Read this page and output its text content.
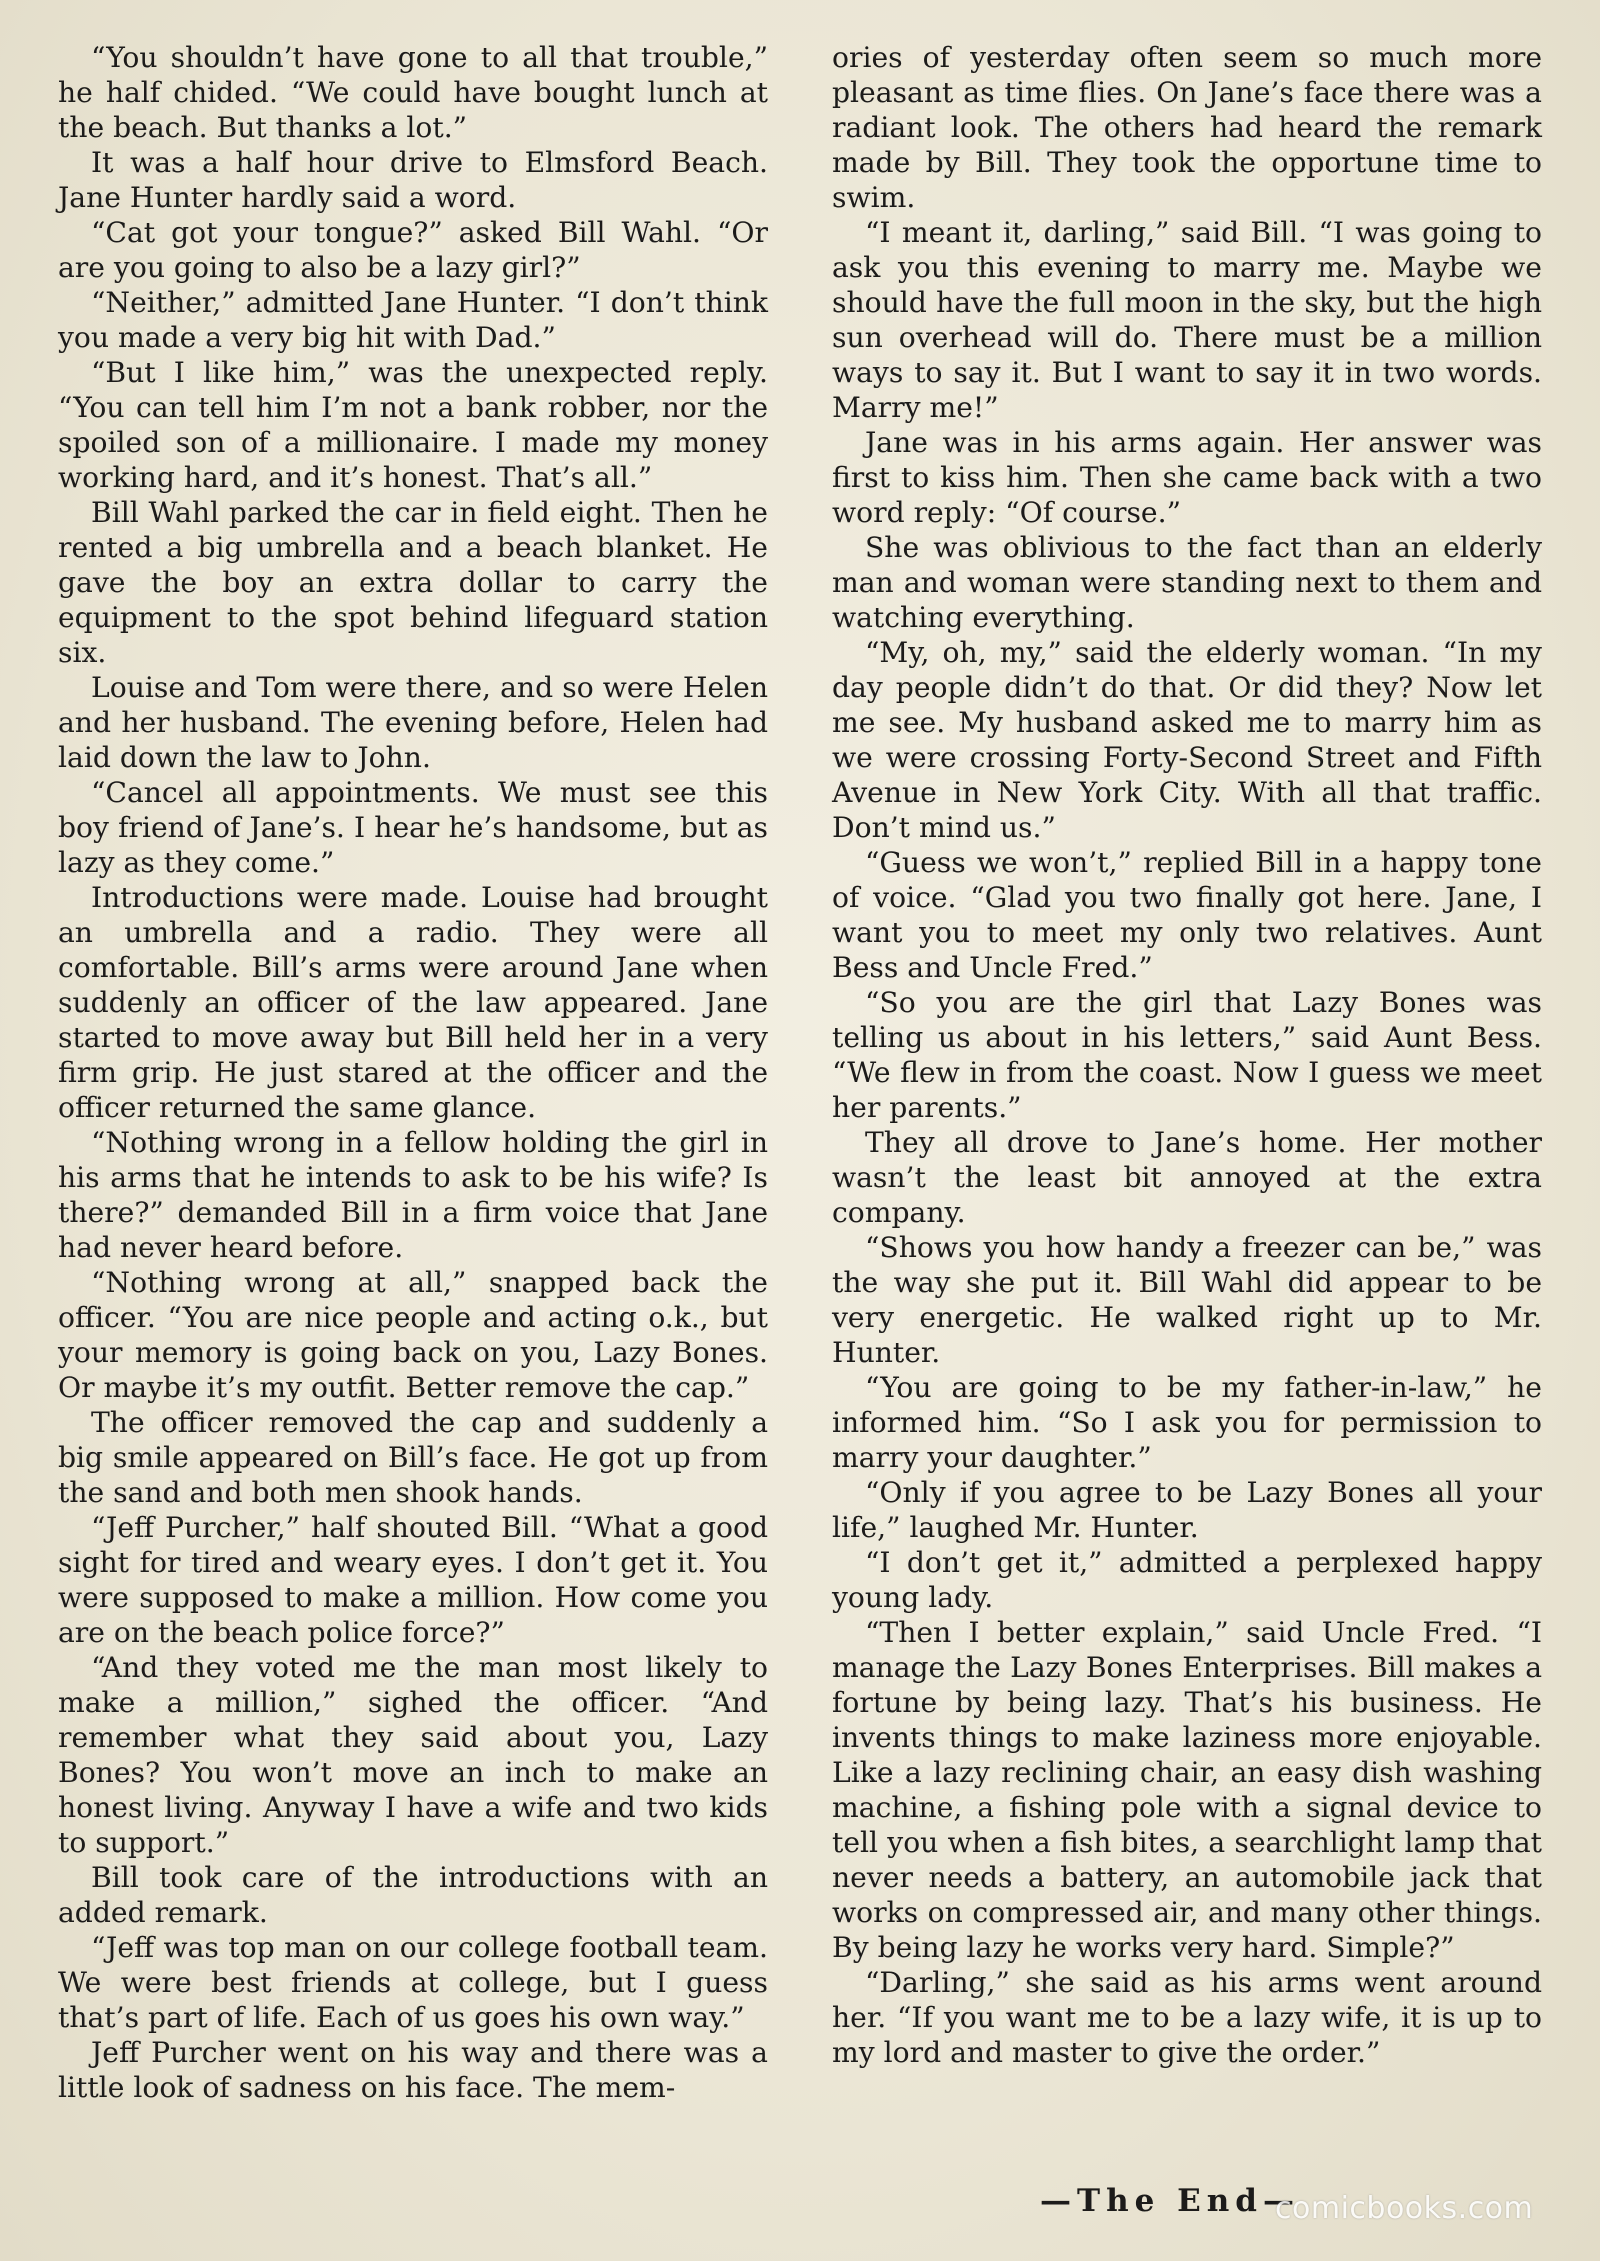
“You shouldn’t have gone to all that trouble,” he half chided. “We could have bought lunch at the beach. But thanks a lot.”

It was a half hour drive to Elmsford Beach. Jane Hunter hardly said a word.

“Cat got your tongue?” asked Bill Wahl. “Or are you going to also be a lazy girl?”

“Neither,” admitted Jane Hunter. “I don’t think you made a very big hit with Dad.”

“But I like him,” was the unexpected reply. “You can tell him I’m not a bank robber, nor the spoiled son of a millionaire. I made my money working hard, and it’s honest. That’s all.”

Bill Wahl parked the car in field eight. Then he rented a big umbrella and a beach blanket. He gave the boy an extra dollar to carry the equipment to the spot behind lifeguard station six.

Louise and Tom were there, and so were Helen and her husband. The evening before, Helen had laid down the law to John.

“Cancel all appointments. We must see this boy friend of Jane’s. I hear he’s handsome, but as lazy as they come.”

Introductions were made. Louise had brought an umbrella and a radio. They were all comfortable. Bill’s arms were around Jane when suddenly an officer of the law appeared. Jane started to move away but Bill held her in a very firm grip. He just stared at the officer and the officer returned the same glance.

“Nothing wrong in a fellow holding the girl in his arms that he intends to ask to be his wife? Is there?” demanded Bill in a firm voice that Jane had never heard before.

“Nothing wrong at all,” snapped back the officer. “You are nice people and acting o.k., but your memory is going back on you, Lazy Bones. Or maybe it’s my outfit. Better remove the cap.”

The officer removed the cap and suddenly a big smile appeared on Bill’s face. He got up from the sand and both men shook hands.

“Jeff Purcher,” half shouted Bill. “What a good sight for tired and weary eyes. I don’t get it. You were supposed to make a million. How come you are on the beach police force?”

“And they voted me the man most likely to make a million,” sighed the officer. “And remember what they said about you, Lazy Bones? You won’t move an inch to make an honest living. Anyway I have a wife and two kids to support.”

Bill took care of the introductions with an added remark.

“Jeff was top man on our college football team. We were best friends at college, but I guess that’s part of life. Each of us goes his own way.”

Jeff Purcher went on his way and there was a little look of sadness on his face. The mem-

ories of yesterday often seem so much more pleasant as time flies. On Jane’s face there was a radiant look. The others had heard the remark made by Bill. They took the opportune time to swim.

“I meant it, darling,” said Bill. “I was going to ask you this evening to marry me. Maybe we should have the full moon in the sky, but the high sun overhead will do. There must be a million ways to say it. But I want to say it in two words. Marry me!”

Jane was in his arms again. Her answer was first to kiss him. Then she came back with a two word reply: “Of course.”

She was oblivious to the fact than an elderly man and woman were standing next to them and watching everything.

“My, oh, my,” said the elderly woman. “In my day people didn’t do that. Or did they? Now let me see. My husband asked me to marry him as we were crossing Forty-Second Street and Fifth Avenue in New York City. With all that traffic. Don’t mind us.”

“Guess we won’t,” replied Bill in a happy tone of voice. “Glad you two finally got here. Jane, I want you to meet my only two relatives. Aunt Bess and Uncle Fred.”

“So you are the girl that Lazy Bones was telling us about in his letters,” said Aunt Bess. “We flew in from the coast. Now I guess we meet her parents.”

They all drove to Jane’s home. Her mother wasn’t the least bit annoyed at the extra company.

“Shows you how handy a freezer can be,” was the way she put it. Bill Wahl did appear to be very energetic. He walked right up to Mr. Hunter.

“You are going to be my father-in-law,” he informed him. “So I ask you for permission to marry your daughter.”

“Only if you agree to be Lazy Bones all your life,” laughed Mr. Hunter.

“I don’t get it,” admitted a perplexed happy young lady.

“Then I better explain,” said Uncle Fred. “I manage the Lazy Bones Enterprises. Bill makes a fortune by being lazy. That’s his business. He invents things to make laziness more enjoyable. Like a lazy reclining chair, an easy dish washing machine, a fishing pole with a signal device to tell you when a fish bites, a searchlight lamp that never needs a battery, an automobile jack that works on compressed air, and many other things. By being lazy he works very hard. Simple?”

“Darling,” she said as his arms went around her. “If you want me to be a lazy wife, it is up to my lord and master to give the order.”

—The End—
comicbooks.com
